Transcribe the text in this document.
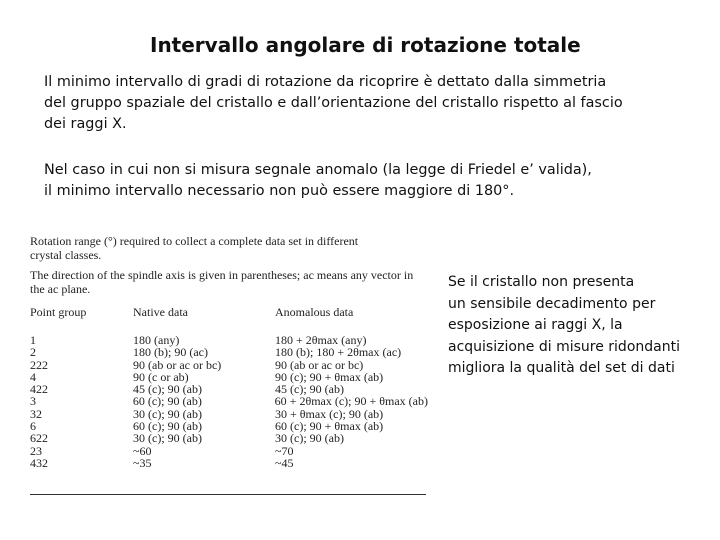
Intervallo angolare di rotazione totale

Il minimo intervallo di gradi di rotazione da ricoprire è dettato dalla simmetria
del gruppo spaziale del cristallo e dall’orientazione del cristallo rispetto al fascio
dei raggi X.

Nel caso in cui non si misura segnale anomalo (la legge di Friedel e’ valida),
il minimo intervallo necessario non può essere maggiore di 180°.

Rotation range (°) required to collect a complete data set in different
crystal classes.
The direction of the spindle axis is given in parentheses; ac means any vector in
the ac plane.
Point group	Native data	Anomalous data
1	180 (any)	180 + 2θmax (any)
2	180 (b); 90 (ac)	180 (b); 180 + 2θmax (ac)
222	90 (ab or ac or bc)	90 (ab or ac or bc)
4	90 (c or ab)	90 (c); 90 + θmax (ab)
422	45 (c); 90 (ab)	45 (c); 90 (ab)
3	60 (c); 90 (ab)	60 + 2θmax (c); 90 + θmax (ab)
32	30 (c); 90 (ab)	30 + θmax (c); 90 (ab)
6	60 (c); 90 (ab)	60 (c); 90 + θmax (ab)
622	30 (c); 90 (ab)	30 (c); 90 (ab)
23	~60	~70
432	~35	~45
Se il cristallo non presenta
un sensibile decadimento per
esposizione ai raggi X, la
acquisizione di misure ridondanti
migliora la qualità del set di dati
